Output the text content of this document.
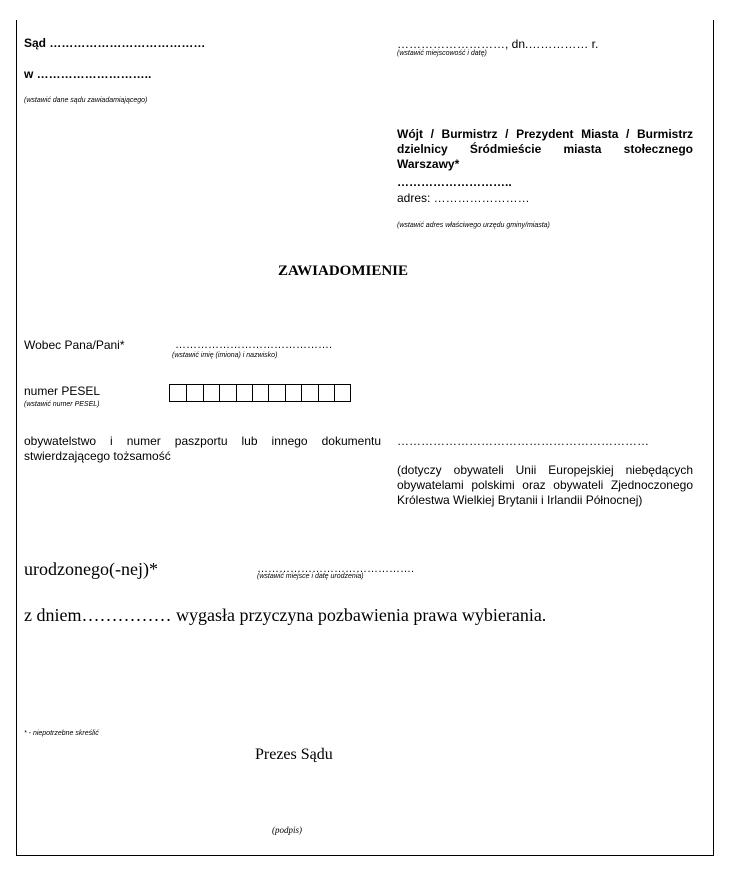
Sąd …………………………………
w ………………………..
(wstawić dane sądu zawiadamiającego)
………………………, dn.…………… r.
(wstawić miejscowość i datę)
Wójt / Burmistrz / Prezydent Miasta / Burmistrz dzielnicy Śródmieście miasta stołecznego Warszawy*
………………………..
adres: ……………………
(wstawić adres właściwego urzędu gminy/miasta)
ZAWIADOMIENIE
Wobec Pana/Pani*	…………………………………….
(wstawić imię (imiona) i nazwisko)
numer PESEL
(wstawić numer PESEL)
obywatelstwo i numer paszportu lub innego dokumentu stwierdzającego tożsamość
………………………………………………………
(dotyczy obywateli Unii Europejskiej niebędących obywatelami polskimi oraz obywateli Zjednoczonego Królestwa Wielkiej Brytanii i Irlandii Północnej)
urodzonego(-nej)*	…………………………………….
(wstawić miejsce i datę urodzenia)
z dniem…………… wygasła przyczyna pozbawienia prawa wybierania.
* - niepotrzebne skreślić
Prezes Sądu
(podpis)
